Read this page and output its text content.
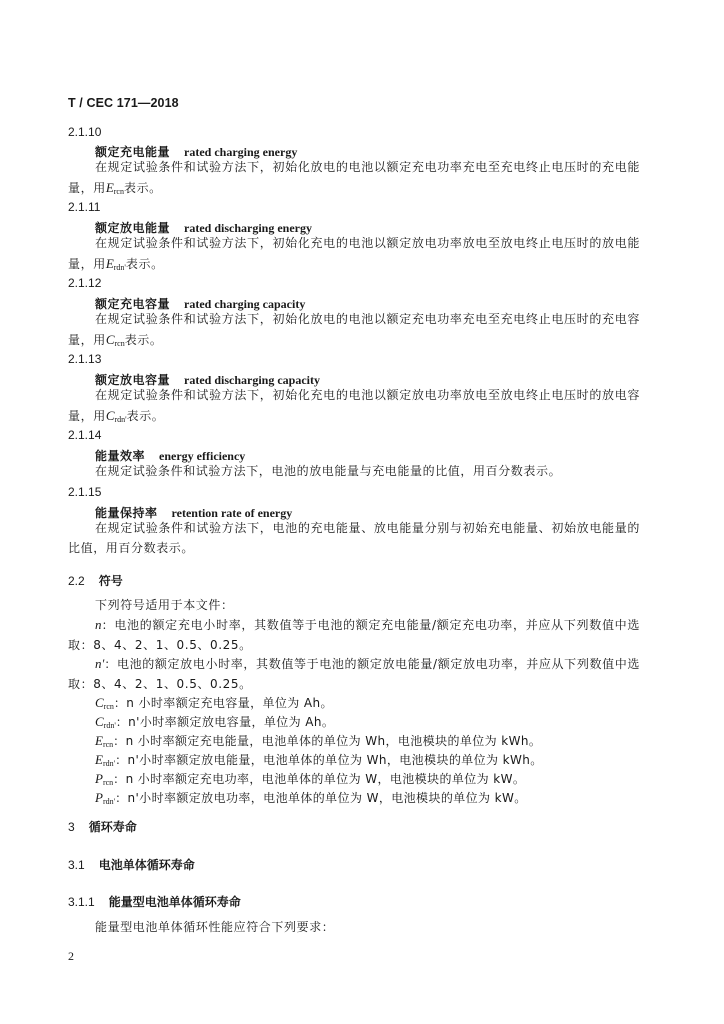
T / CEC 171—2018
2.1.10
额定充电能量 rated charging energy
在规定试验条件和试验方法下，初始化放电的电池以额定充电功率充电至充电终止电压时的充电能量，用$E_{rcn}$表示。
2.1.11
额定放电能量 rated discharging energy
在规定试验条件和试验方法下，初始化充电的电池以额定放电功率放电至放电终止电压时的放电能量，用$E_{rdn'}$表示。
2.1.12
额定充电容量 rated charging capacity
在规定试验条件和试验方法下，初始化放电的电池以额定充电功率充电至充电终止电压时的充电容量，用$C_{rcn}$表示。
2.1.13
额定放电容量 rated discharging capacity
在规定试验条件和试验方法下，初始化充电的电池以额定放电功率放电至放电终止电压时的放电容量，用$C_{rdn'}$表示。
2.1.14
能量效率 energy efficiency
在规定试验条件和试验方法下，电池的放电能量与充电能量的比值，用百分数表示。
2.1.15
能量保持率 retention rate of energy
在规定试验条件和试验方法下，电池的充电能量、放电能量分别与初始充电能量、初始放电能量的比值，用百分数表示。
2.2 符号
下列符号适用于本文件：
n：电池的额定充电小时率，其数值等于电池的额定充电能量/额定充电功率，并应从下列数值中选取：8、4、2、1、0.5、0.25。
n'：电池的额定放电小时率，其数值等于电池的额定放电能量/额定放电功率，并应从下列数值中选取：8、4、2、1、0.5、0.25。
$C_{rcn}$：n 小时率额定充电容量，单位为 Ah。
$C_{rdn'}$：n'小时率额定放电容量，单位为 Ah。
$E_{rcn}$：n 小时率额定充电能量，电池单体的单位为 Wh，电池模块的单位为 kWh。
$E_{rdn'}$：n'小时率额定放电能量，电池单体的单位为 Wh，电池模块的单位为 kWh。
$P_{rcn}$：n 小时率额定充电功率，电池单体的单位为 W，电池模块的单位为 kW。
$P_{rdn'}$：n'小时率额定放电功率，电池单体的单位为 W，电池模块的单位为 kW。
3 循环寿命
3.1 电池单体循环寿命
3.1.1 能量型电池单体循环寿命
能量型电池单体循环性能应符合下列要求：
2
